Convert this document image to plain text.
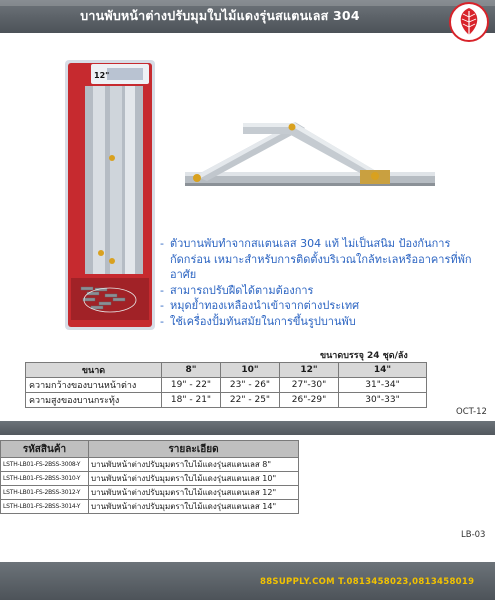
บานพับหน้าต่างปรับมุมใบไม้แดงรุ่นสแตนเลส 304
12"
- ตัวบานพับทำจากสแตนเลส 304 แท้ ไม่เป็นสนิม ป้องกันการกัดกร่อน เหมาะสำหรับการติดตั้งบริเวณใกล้ทะเลหรืออาคารที่พักอาศัย
- สามารถปรับฝืดได้ตามต้องการ
- หมุดย้ำทองเหลืองนำเข้าจากต่างประเทศ
- ใช้เครื่องปั้มทันสมัยในการขึ้นรูปบานพับ
ขนาดบรรจุ 24 ชุด/ลัง
ขนาด	8"	10"	12"	14"
ความกว้างของบานหน้าต่าง	19" - 22"	23" - 26"	27"-30"	31"-34"
ความสูงของบานกระทุ้ง	18" - 21"	22" - 25"	26"-29"	30"-33"
OCT-12
รหัสสินค้า	รายละเอียด
LSTH-LB01-FS-2BSS-3008-Y	บานพับหน้าต่างปรับมุมตราใบไม้แดงรุ่นสแตนเลส 8"
LSTH-LB01-FS-2BSS-3010-Y	บานพับหน้าต่างปรับมุมตราใบไม้แดงรุ่นสแตนเลส 10"
LSTH-LB01-FS-2BSS-3012-Y	บานพับหน้าต่างปรับมุมตราใบไม้แดงรุ่นสแตนเลส 12"
LSTH-LB01-FS-2BSS-3014-Y	บานพับหน้าต่างปรับมุมตราใบไม้แดงรุ่นสแตนเลส 14"
LB-03
88SUPPLY.COM T.0813458023,0813458019
